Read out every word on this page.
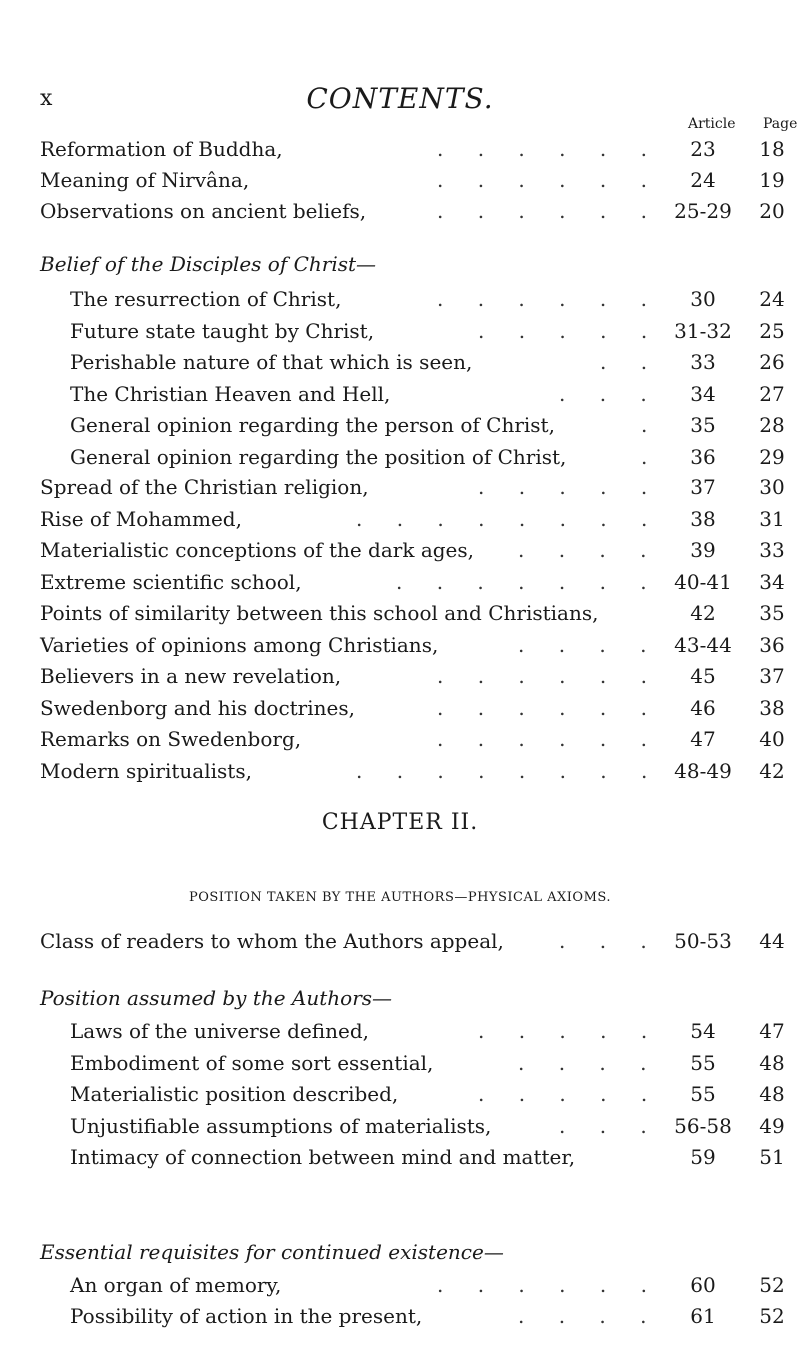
x	CONTENTS.
Article Page
Reformation of Buddha,	. . . . . .	23	18
Meaning of Nirvâna,	. . . . . .	24	19
Observations on ancient beliefs,	. . . . . . 25-29	20
Belief of the Disciples of Christ—
The resurrection of Christ,	. . . . . .	30	24
Future state taught by Christ,	. . . . . 31-32	25
Perishable nature of that which is seen,	. .	33	26
The Christian Heaven and Hell,	. . .	34	27
General opinion regarding the person of Christ,	.	35	28
General opinion regarding the position of Christ,	.	36	29
Spread of the Christian religion,	. . . . .	37	30
Rise of Mohammed,	. . . . . . . .	38	31
Materialistic conceptions of the dark ages, . . . .	39	33
Extreme scientific school,	. . . . . . . 40-41	34
Points of similarity between this school and Christians,	42	35
Varieties of opinions among Christians,	. . . . 43-44	36
Believers in a new revelation,	. . . . . .	45	37
Swedenborg and his doctrines,	. . . . . .	46	38
Remarks on Swedenborg,	. . . . . .	47	40
Modern spiritualists,	. . . . . . . . 48-49	42
CHAPTER II.
POSITION TAKEN BY THE AUTHORS—PHYSICAL AXIOMS.
Class of readers to whom the Authors appeal,	. . . 50-53	44
Position assumed by the Authors—
Laws of the universe defined,	. . . . .	54	47
Embodiment of some sort essential,	. . . .	55	48
Materialistic position described,	. . . . .	55	48
Unjustifiable assumptions of materialists,	. . . 56-58	49
Intimacy of connection between mind and matter,	59	51
Essential requisites for continued existence—
An organ of memory,	. . . . . .	60	52
Possibility of action in the present,	. . . .	61	52
